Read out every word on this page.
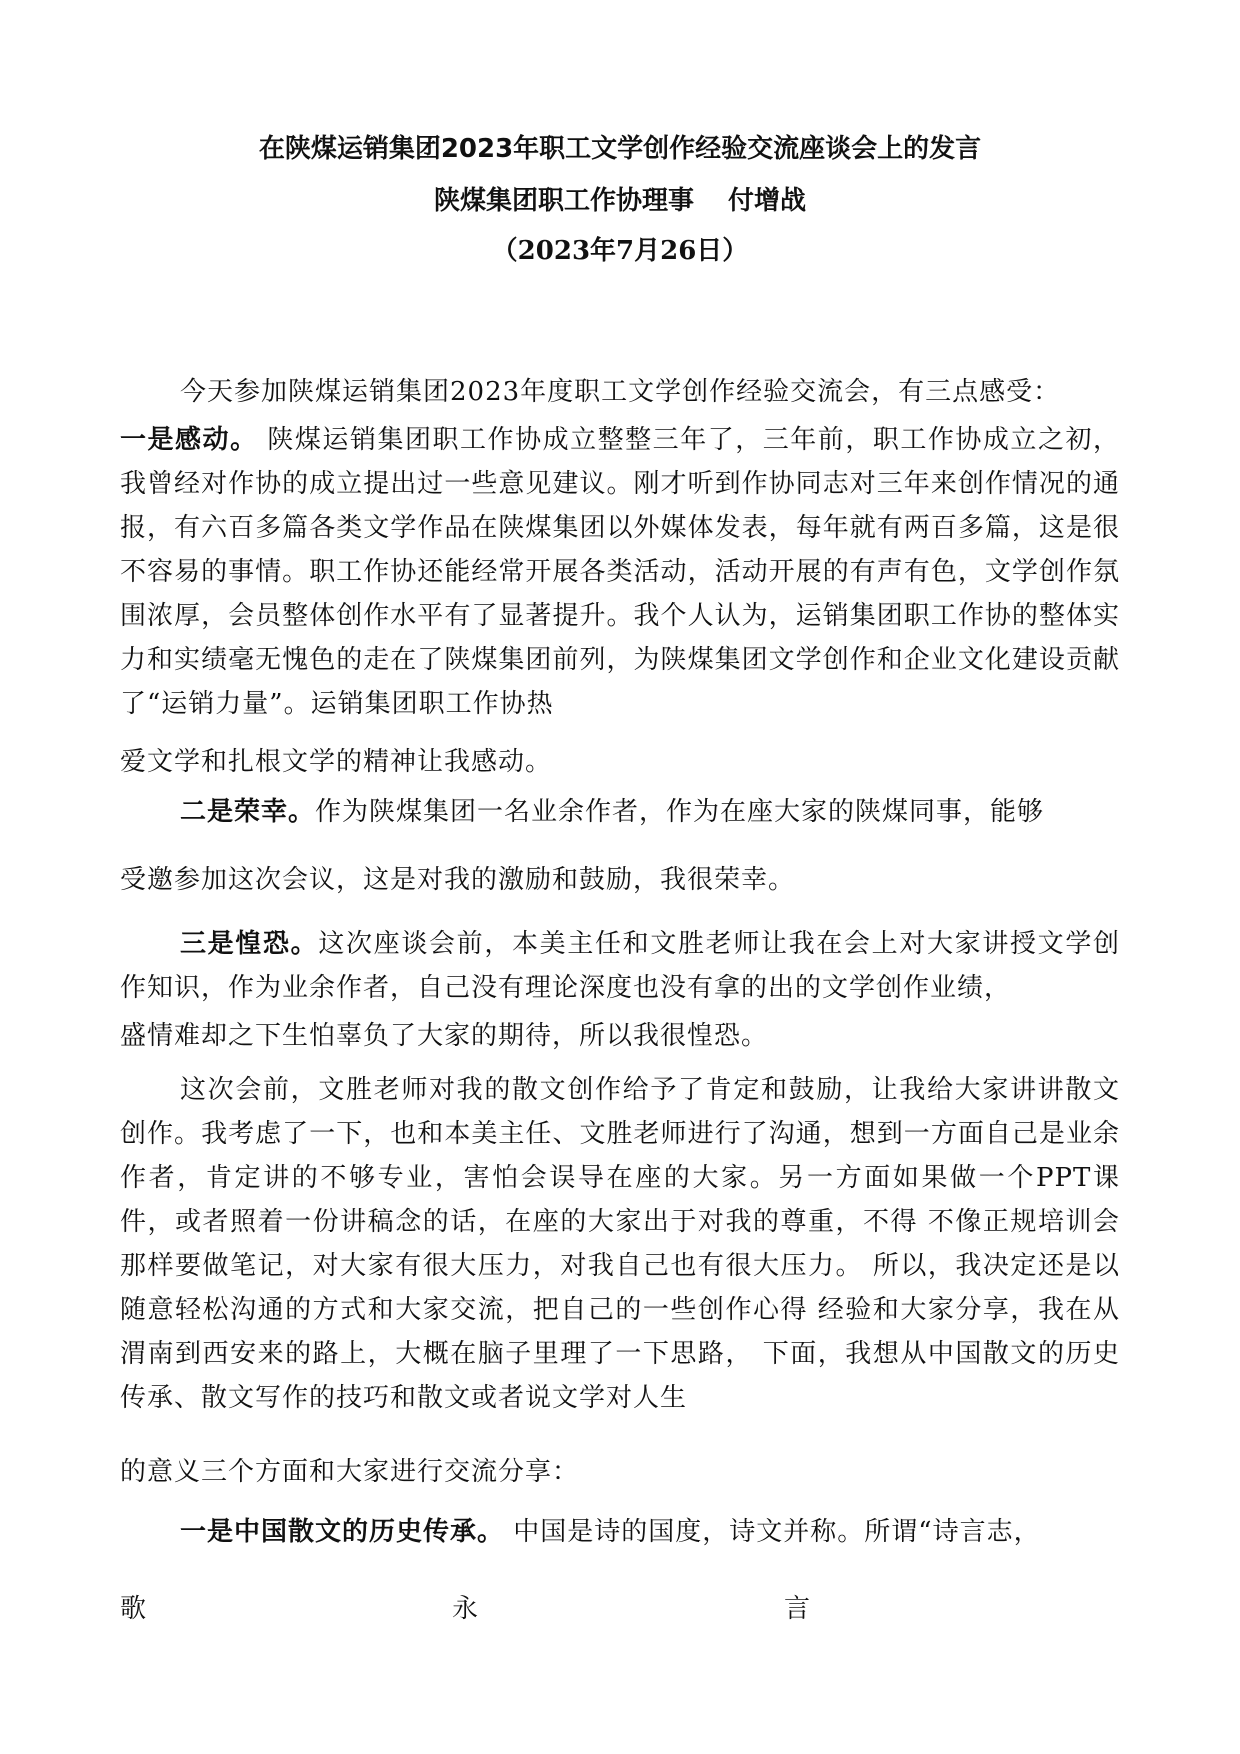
在陕煤运销集团2023年职工文学创作经验交流座谈会上的发言
陕煤集团职工作协理事 付增战
（2023年7月26日）

今天参加陕煤运销集团2023年度职工文学创作经验交流会，有三点感受：

一是感动。 陕煤运销集团职工作协成立整整三年了，三年前，职工作协成立之初，我曾经对作协的成立提出过一些意见建议。刚才听到作协同志对三年来创作情况的通报，有六百多篇各类文学作品在陕煤集团以外媒体发表，每年就有两百多篇，这是很不容易的事情。职工作协还能经常开展各类活动，活动开展的有声有色，文学创作氛围浓厚，会员整体创作水平有了显著提升。我个人认为，运销集团职工作协的整体实力和实绩毫无愧色的走在了陕煤集团前列，为陕煤集团文学创作和企业文化建设贡献了“运销力量”。运销集团职工作协热

爱文学和扎根文学的精神让我感动。

二是荣幸。作为陕煤集团一名业余作者，作为在座大家的陕煤同事，能够

受邀参加这次会议，这是对我的激励和鼓励，我很荣幸。

三是惶恐。这次座谈会前，本美主任和文胜老师让我在会上对大家讲授文学创作知识，作为业余作者，自己没有理论深度也没有拿的出的文学创作业绩，

盛情难却之下生怕辜负了大家的期待，所以我很惶恐。

这次会前，文胜老师对我的散文创作给予了肯定和鼓励，让我给大家讲讲散文创作。我考虑了一下，也和本美主任、文胜老师进行了沟通，想到一方面自己是业余作者，肯定讲的不够专业，害怕会误导在座的大家。另一方面如果做一个PPT课件，或者照着一份讲稿念的话，在座的大家出于对我的尊重，不得 不像正规培训会那样要做笔记，对大家有很大压力，对我自己也有很大压力。 所以，我决定还是以随意轻松沟通的方式和大家交流，把自己的一些创作心得 经验和大家分享，我在从渭南到西安来的路上，大概在脑子里理了一下思路， 下面，我想从中国散文的历史传承、散文写作的技巧和散文或者说文学对人生

的意义三个方面和大家进行交流分享：

一是中国散文的历史传承。 中国是诗的国度，诗文并称。所谓“诗言志，

歌	永	言
